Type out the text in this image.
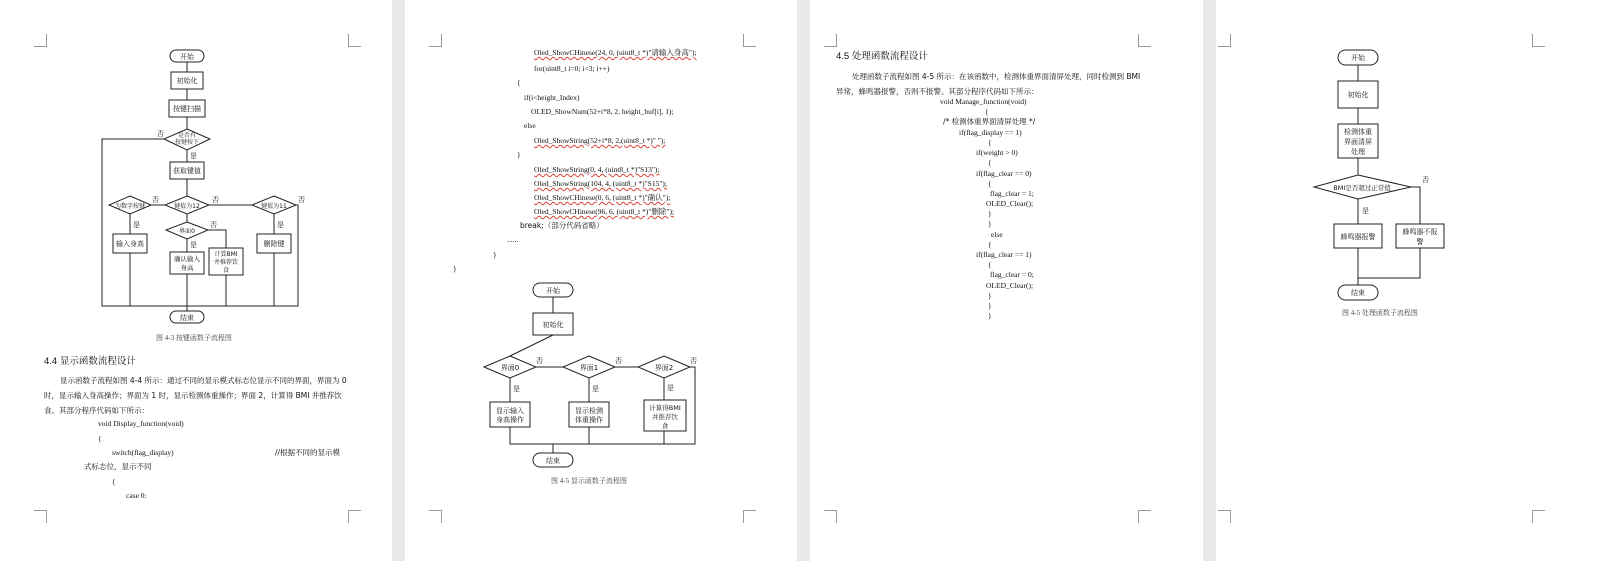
开始
初始化
按键扫描
是否有
按键按下
否
是
获取键值
为数字按键	键值为12	键值为11
否	否	否
是
输入身高
界面0
否
是
确认输入
身高
计算BMI
并推荐饮
食
是
删除键
结束
图 4-3 按键函数子流程图
4.4 显示函数流程设计
显示函数子流程如图 4-4 所示：通过不同的显示模式标志位显示不同的界面，界面为 0 时，显示输入身高操作；界面为 1 时，显示检测体重操作；界面 2，计算得 BMI 并推荐饮食。其部分程序代码如下所示：
void Display_function(void)
{
switch(flag_display)	//根据不同的显示模
式标志位，显示不同
{
case 0:
Oled_ShowCHinese(24, 0, (uint8_t *)"请输入身高");
for(uint8_t i=0; i<3; i++)
{
if(i<height_Index)
OLED_ShowNum(52+i*8, 2, height_buf[i], 1);
else
Oled_ShowString(52+i*8, 2,(uint8_t *)" ");
}
Oled_ShowString(0, 4, (uint8_t *)"S13");
Oled_ShowString(104, 4, (uint8_t *)"S15");
Oled_ShowCHinese(0, 6, (uint8_t *)"确认");
Oled_ShowCHinese(96, 6, (uint8_t *)"删除");
break;（部分代码省略）
......
}
}
开始
初始化
界面0
否
界面1
否
界面2
否
是
显示输入
身高操作
是
显示检测
体重操作
是
计算得BMI
并推荐饮
食
结束
图 4-5 显示函数子流程图
4.5 处理函数流程设计
处理函数子流程如图 4-5 所示：在该函数中，检测体重界面清屏处理，同时检测到 BMI 异常，蜂鸣器报警，否则不报警。其部分程序代码如下所示：
void Manage_function(void)
{
/* 检测体重界面清屏处理 */
if(flag_display == 1)
{
if(weight > 0)
{
if(flag_clear == 0)
{
flag_clear = 1;
OLED_Clear();
}
}
else
{
if(flag_clear == 1)
{
flag_clear = 0;
OLED_Clear();
}
}
}
开始
初始化
检测体重
界面清屏
处理
BMI是否超过正常值
否
是
蜂鸣器报警
蜂鸣器不报
警
结束
图 4-5 处理函数子流程图
